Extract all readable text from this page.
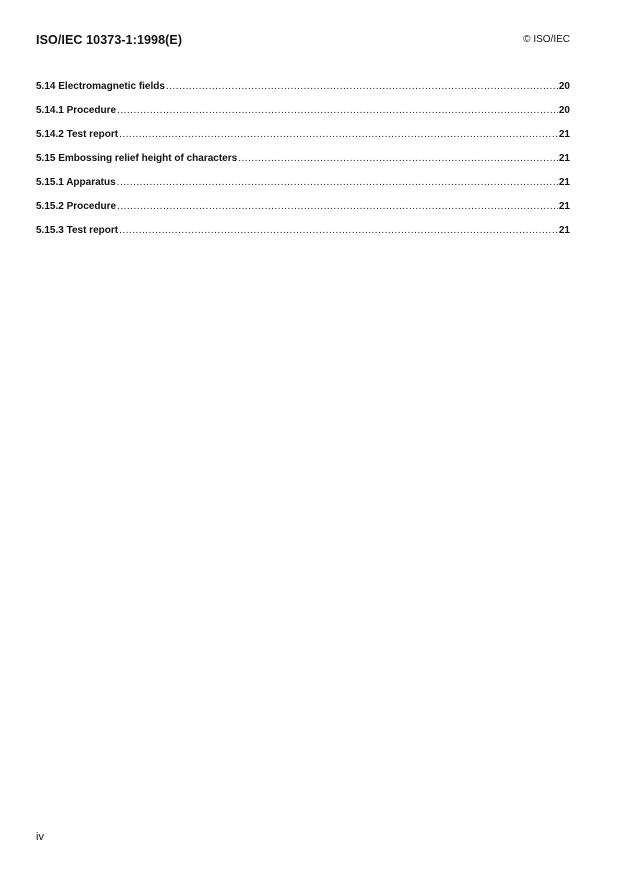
ISO/IEC 10373-1:1998(E)	© ISO/IEC
5.14 Electromagnetic fields .....	20
5.14.1 Procedure .....	20
5.14.2 Test report .....	21
5.15 Embossing relief height of characters .....	21
5.15.1 Apparatus .....	21
5.15.2 Procedure .....	21
5.15.3 Test report .....	21
iv
